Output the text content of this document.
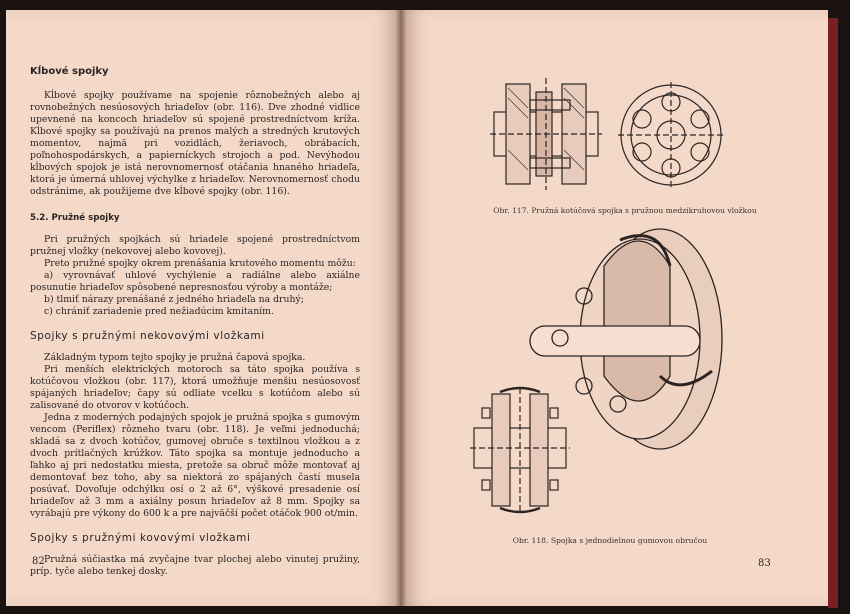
Kĺbové spojky

Kĺbové spojky používame na spojenie rôznobežných alebo aj rovnobežných nesúosových hriadeľov (obr. 116). Dve zhodné vidlice upevnené na koncoch hriadeľov sú spojené prostredníctvom kríža. Kĺbové spojky sa používajú na prenos malých a stredných krutových momentov, najmä pri vozidlách, žeriavoch, obrábacích, poľnohospodárskych, a papierníckych strojoch a pod. Nevýhodou kĺbových spojok je istá nerovnomernosť otáčania hnaného hriadeľa, ktorá je úmerná uhlovej výchylke z hriadeľov. Nerovnomernosť chodu odstránime, ak použijeme dve kĺbové spojky (obr. 116).

5.2. Pružné spojky

Pri pružných spojkách sú hriadele spojené prostredníctvom pružnej vložky (nekovovej alebo kovovej).

Preto pružné spojky okrem prenášania krutového momentu môžu:

a) vyrovnávať uhlové vychýlenie a radiálne alebo axiálne posunutie hriadeľov spôsobené nepresnosťou výroby a montáže;

b) tlmiť nárazy prenášané z jedného hriadeľa na druhý;

c) chrániť zariadenie pred nežiadúcim kmitaním.

Spojky s pružnými nekovovými vložkami

Základným typom tejto spojky je pružná čapová spojka.

Pri menších elektrických motoroch sa táto spojka používa s kotúčovou vložkou (obr. 117), ktorá umožňuje menšiu nesúosovosť spájaných hriadeľov; čapy sú odliate vcelku s kotúčom alebo sú zalisované do otvorov v kotúčoch.

Jedna z moderných podajných spojok je pružná spojka s gumovým vencom (Periflex) rôzneho tvaru (obr. 118). Je veľmi jednoduchá; skladá sa z dvoch kotúčov, gumovej obruče s textilnou vložkou a z dvoch prítlačných krúžkov. Táto spojka sa montuje jednoducho a ľahko aj pri nedostatku miesta, pretože sa obruč môže montovať aj demontovať bez toho, aby sa niektorá zo spájaných častí musela posúvať. Dovoľuje odchýlku osí o 2 až 6°, výškové presadenie osí hriadeľov až 3 mm a axiálny posun hriadeľov až 8 mm. Spojky sa vyrábajú pre výkony do 600 k a pre najväčší počet otáčok 900 ot/min.

Spojky s pružnými kovovými vložkami

Pružná súčiastka má zvyčajne tvar plochej alebo vinutej pružiny, príp. tyče alebo tenkej dosky.

82
Obr. 117. Pružná kotúčová spojka s pružnou medzikruhovou vložkou
Obr. 118. Spojka s jednodielnou gumovou obručou
83
